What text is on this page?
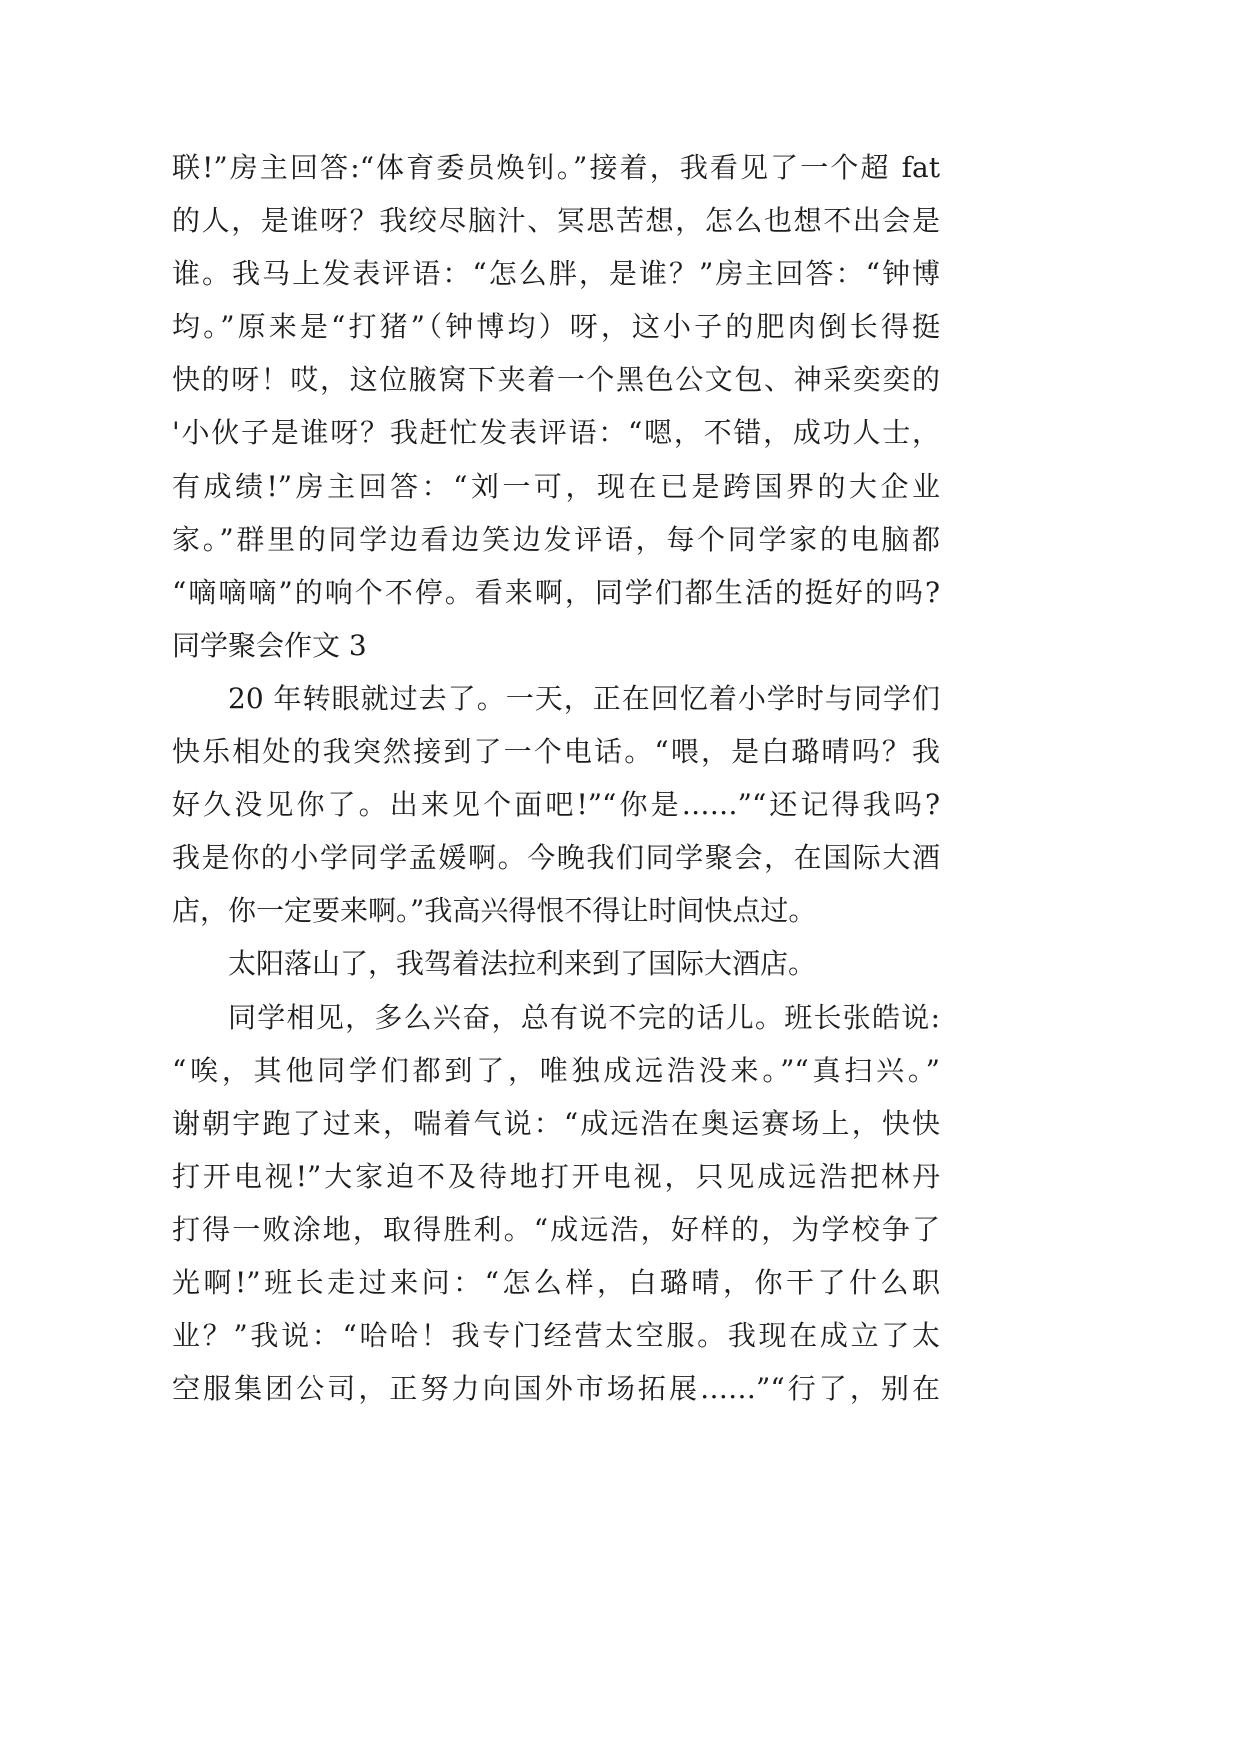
联!”房主回答:“体育委员焕钊。”接着，我看见了一个超 fat
的人，是谁呀？我绞尽脑汁、冥思苦想，怎么也想不出会是
谁。我马上发表评语：“怎么胖，是谁？”房主回答：“钟博
均。”原来是“打猪”（钟博均）呀，这小子的肥肉倒长得挺
快的呀！哎，这位腋窝下夹着一个黑色公文包、神采奕奕的
'小伙子是谁呀？我赶忙发表评语：“嗯，不错，成功人士，
有成绩!”房主回答：“刘一可，现在已是跨国界的大企业
家。”群里的同学边看边笑边发评语，每个同学家的电脑都
“嘀嘀嘀”的响个不停。看来啊，同学们都生活的挺好的吗?
同学聚会作文 3
20 年转眼就过去了。一天，正在回忆着小学时与同学们
快乐相处的我突然接到了一个电话。“喂，是白璐晴吗？我
好久没见你了。出来见个面吧!”“你是……”“还记得我吗?
我是你的小学同学孟媛啊。今晚我们同学聚会，在国际大酒
店，你一定要来啊。”我高兴得恨不得让时间快点过。
太阳落山了，我驾着法拉利来到了国际大酒店。
同学相见，多么兴奋，总有说不完的话儿。班长张皓说:
“唉，其他同学们都到了，唯独成远浩没来。”“真扫兴。”
谢朝宇跑了过来，喘着气说：“成远浩在奥运赛场上，快快
打开电视!”大家迫不及待地打开电视，只见成远浩把林丹
打得一败涂地，取得胜利。“成远浩，好样的，为学校争了
光啊!”班长走过来问：“怎么样，白璐晴，你干了什么职
业？”我说：“哈哈！我专门经营太空服。我现在成立了太
空服集团公司，正努力向国外市场拓展……”“行了，别在
